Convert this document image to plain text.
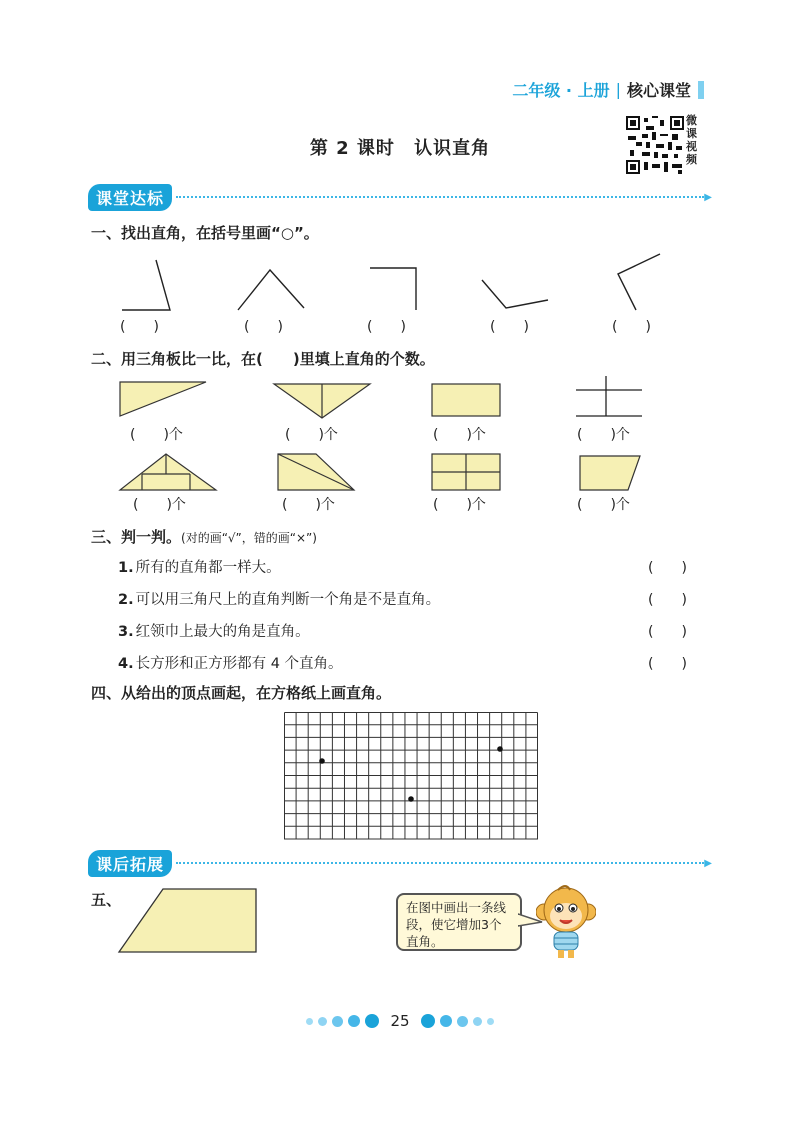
二年级 · 上册 | 核心课堂
第 2 课时 认识直角
微
课
视
频
课堂达标	▶
一、找出直角，在括号里画“○”。
(　　)	(　　)	(　　)	(　　)	(　　)
二、用三角板比一比，在(　　)里填上直角的个数。
(　　)个	(　　)个	(　　)个	(　　)个
(　　)个	(　　)个	(　　)个	(　　)个
三、判一判。(对的画“√”，错的画“×”)
1. 所有的直角都一样大。	(　　)
2. 可以用三角尺上的直角判断一个角是不是直角。	(　　)
3. 红领巾上最大的角是直角。	(　　)
4. 长方形和正方形都有 4 个直角。	(　　)
四、从给出的顶点画起，在方格纸上画直角。
课后拓展	▶
五、	在图中画出一条线段，使它增加3个直角。
25
